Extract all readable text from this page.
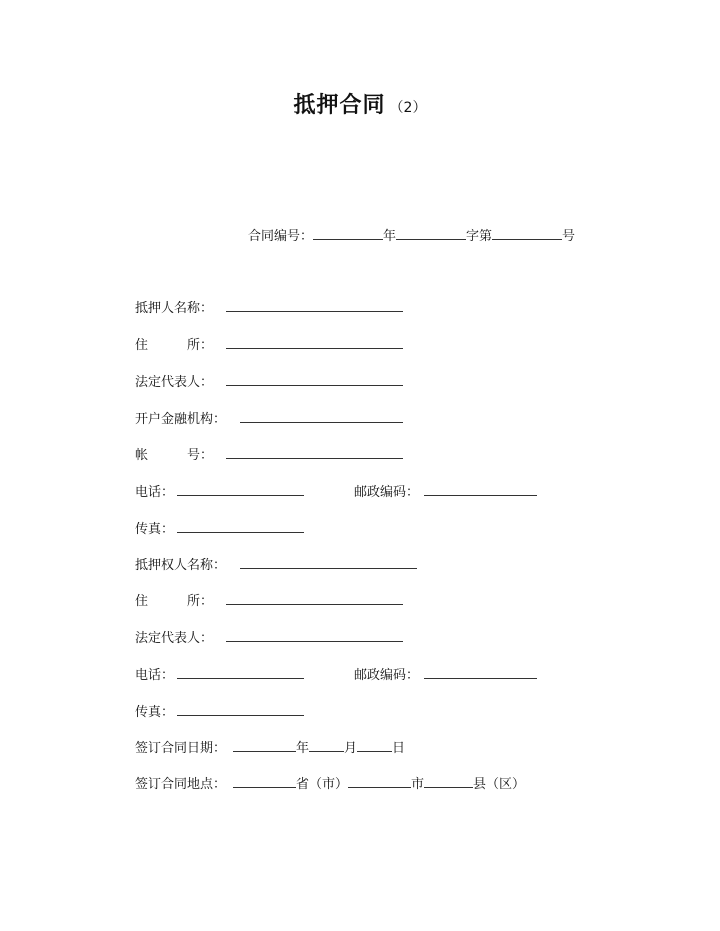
抵押合同 （2）
合同编号：	年	字第	号
抵押人名称：
住　　　所：
法定代表人：
开户金融机构：
帐　　　号：
电话：	邮政编码：
传真：
抵押权人名称：
住　　　所：
法定代表人：
电话：	邮政编码：
传真：
签订合同日期：	年	月	日
签订合同地点：	省（市）	市	县（区）
